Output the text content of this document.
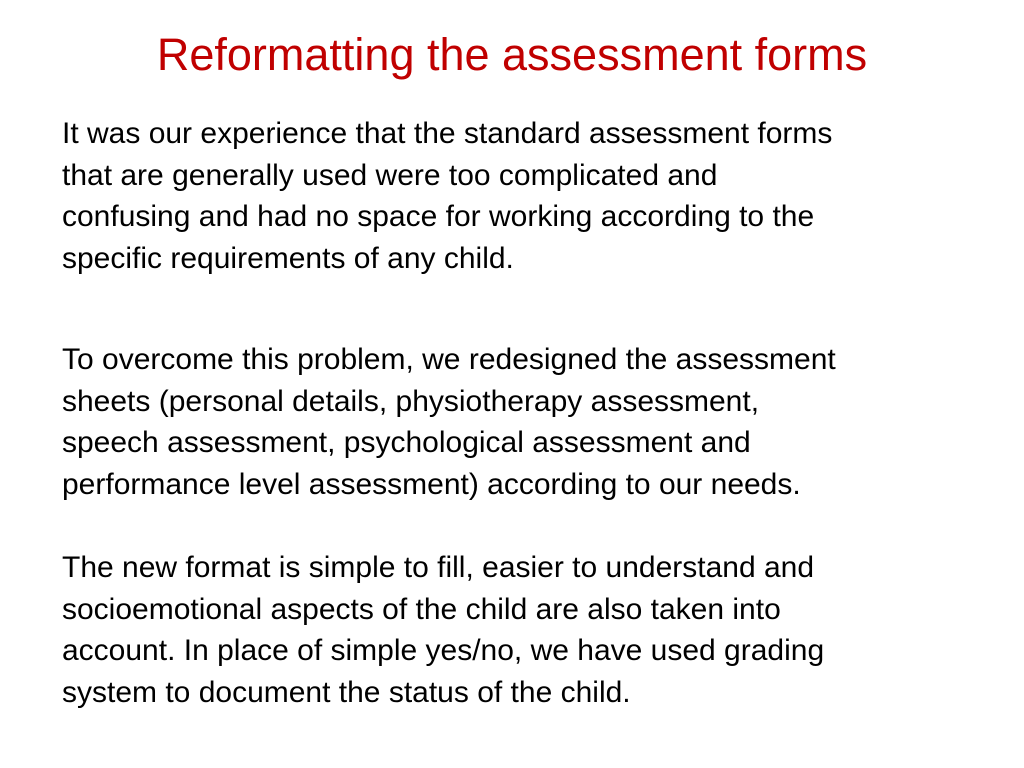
Reformatting the assessment forms

It was our experience that the standard assessment forms
that are generally used were too complicated and
confusing and had no space for working according to the
specific requirements of any child.

To overcome this problem, we redesigned the assessment
sheets (personal details, physiotherapy assessment,
speech assessment, psychological assessment and
performance level assessment) according to our needs.

The new format is simple to fill, easier to understand and
socioemotional aspects of the child are also taken into
account. In place of simple yes/no, we have used grading
system to document the status of the child.
